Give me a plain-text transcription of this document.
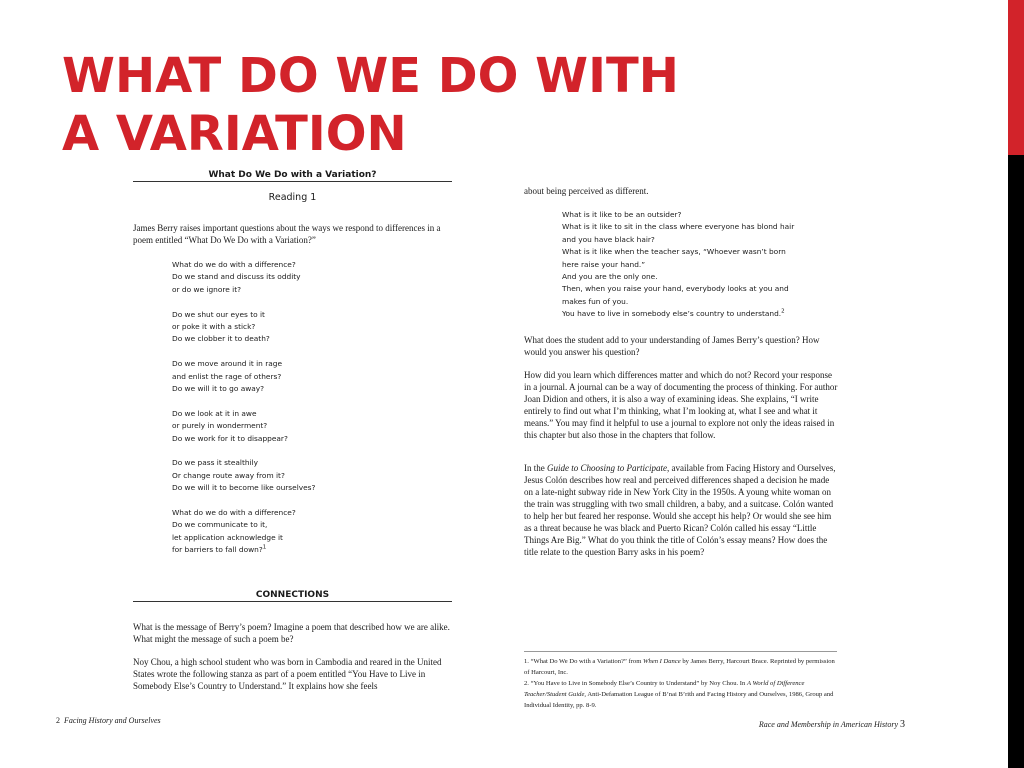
WHAT DO WE DO WITH
A VARIATION
What Do We Do with a Variation?
Reading 1

James Berry raises important questions about the ways we respond to differences in a poem entitled “What Do We Do with a Variation?”

What do we do with a difference?
Do we stand and discuss its oddity
or do we ignore it?
Do we shut our eyes to it
or poke it with a stick?
Do we clobber it to death?
Do we move around it in rage
and enlist the rage of others?
Do we will it to go away?
Do we look at it in awe
or purely in wonderment?
Do we work for it to disappear?
Do we pass it stealthily
Or change route away from it?
Do we will it to become like ourselves?
What do we do with a difference?
Do we communicate to it,
let application acknowledge it
for barriers to fall down?$^1$
CONNECTIONS

What is the message of Berry’s poem? Imagine a poem that described how we are alike. What might the message of such a poem be?

Noy Chou, a high school student who was born in Cambodia and reared in the United States wrote the following stanza as part of a poem entitled “You Have to Live in Somebody Else’s Country to Understand.” It explains how she feels

about being perceived as different.

What is it like to be an outsider?
What is it like to sit in the class where everyone has blond hair
and you have black hair?
What is it like when the teacher says, “Whoever wasn’t born
here raise your hand.”
And you are the only one.
Then, when you raise your hand, everybody looks at you and
makes fun of you.
You have to live in somebody else’s country to understand.$^2$

What does the student add to your understanding of James Berry’s question? How would you answer his question?

How did you learn which differences matter and which do not? Record your response in a journal. A journal can be a way of documenting the process of thinking. For author Joan Didion and others, it is also a way of examining ideas. She explains, “I write entirely to find out what I’m thinking, what I’m looking at, what I see and what it means.” You may find it helpful to use a journal to explore not only the ideas raised in this chapter but also those in the chapters that follow.

In the Guide to Choosing to Participate, available from Facing History and Ourselves, Jesus Colón describes how real and perceived differences shaped a decision he made on a late-night subway ride in New York City in the 1950s. A young white woman on the train was struggling with two small children, a baby, and a suitcase. Colón wanted to help her but feared her response. Would she accept his help? Or would she see him as a threat because he was black and Puerto Rican? Colón called his essay “Little Things Are Big.” What do you think the title of Colón’s essay means? How does the title relate to the question Barry asks in his poem?

1. “What Do We Do with a Variation?” from When I Dance by James Berry, Harcourt Brace. Reprinted by permission of Harcourt, Inc.

2. “You Have to Live in Somebody Else’s Country to Understand” by Noy Chou. In A World of Difference Teacher/Student Guide, Anti-Defamation League of B’nai B’rith and Facing History and Ourselves, 1986, Group and Individual Identity, pp. 8-9.

2 Facing History and Ourselves	Race and Membership in American History 3
